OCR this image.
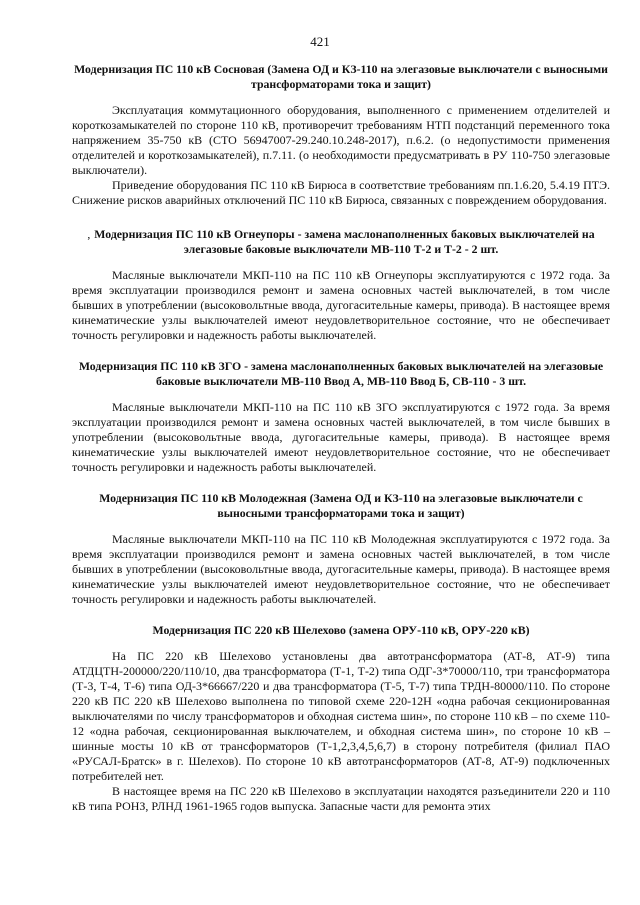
421
Модернизация ПС 110 кВ Сосновая (Замена ОД и КЗ-110 на элегазовые выключатели с выносными трансформаторами тока и защит)

Эксплуатация коммутационного оборудования, выполненного с применением отделителей и короткозамыкателей по стороне 110 кВ, противоречит требованиям НТП подстанций переменного тока напряжением 35-750 кВ (СТО 56947007-29.240.10.248-2017), п.6.2. (о недопустимости применения отделителей и короткозамыкателей), п.7.11. (о необходимости предусматривать в РУ 110-750 элегазовые выключатели).

Приведение оборудования ПС 110 кВ Бирюса в соответствие требованиям пп.1.6.20, 5.4.19 ПТЭ. Снижение рисков аварийных отключений ПС 110 кВ Бирюса, связанных с повреждением оборудования.

, Модернизация ПС 110 кВ Огнеупоры - замена маслонаполненных баковых выключателей на элегазовые баковые выключатели МВ-110 Т-2 и Т-2 - 2 шт.

Масляные выключатели МКП-110 на ПС 110 кВ Огнеупоры эксплуатируются с 1972 года. За время эксплуатации производился ремонт и замена основных частей выключателей, в том числе бывших в употреблении (высоковольтные ввода, дугогасительные камеры, привода). В настоящее время кинематические узлы выключателей имеют неудовлетворительное состояние, что не обеспечивает точность регулировки и надежность работы выключателей.

Модернизация ПС 110 кВ ЗГО - замена маслонаполненных баковых выключателей на элегазовые баковые выключатели МВ-110 Ввод А, МВ-110 Ввод Б, СВ-110 - 3 шт.

Масляные выключатели МКП-110 на ПС 110 кВ ЗГО эксплуатируются с 1972 года. За время эксплуатации производился ремонт и замена основных частей выключателей, в том числе бывших в употреблении (высоковольтные ввода, дугогасительные камеры, привода). В настоящее время кинематические узлы выключателей имеют неудовлетворительное состояние, что не обеспечивает точность регулировки и надежность работы выключателей.

Модернизация ПС 110 кВ Молодежная (Замена ОД и КЗ-110 на элегазовые выключатели с выносными трансформаторами тока и защит)

Масляные выключатели МКП-110 на ПС 110 кВ Молодежная эксплуатируются с 1972 года. За время эксплуатации производился ремонт и замена основных частей выключателей, в том числе бывших в употреблении (высоковольтные ввода, дугогасительные камеры, привода). В настоящее время кинематические узлы выключателей имеют неудовлетворительное состояние, что не обеспечивает точность регулировки и надежность работы выключателей.

Модернизация ПС 220 кВ Шелехово (замена ОРУ-110 кВ, ОРУ-220 кВ)

На ПС 220 кВ Шелехово установлены два автотрансформатора (АТ-8, АТ-9) типа АТДЦТН-200000/220/110/10, два трансформатора (Т-1, Т-2) типа ОДГ-3*70000/110, три трансформатора (Т-3, Т-4, Т-6) типа ОД-3*66667/220 и два трансформатора (Т-5, Т-7) типа ТРДН-80000/110. По стороне 220 кВ ПС 220 кВ Шелехово выполнена по типовой схеме 220-12Н «одна рабочая секционированная выключателями по числу трансформаторов и обходная система шин», по стороне 110 кВ – по схеме 110-12 «одна рабочая, секционированная выключателем, и обходная система шин», по стороне 10 кВ – шинные мосты 10 кВ от трансформаторов (Т-1,2,3,4,5,6,7) в сторону потребителя (филиал ПАО «РУСАЛ-Братск» в г. Шелехов). По стороне 10 кВ автотрансформаторов (АТ-8, АТ-9) подключенных потребителей нет.

В настоящее время на ПС 220 кВ Шелехово в эксплуатации находятся разъединители 220 и 110 кВ типа РОНЗ, РЛНД 1961-1965 годов выпуска. Запасные части для ремонта этих
